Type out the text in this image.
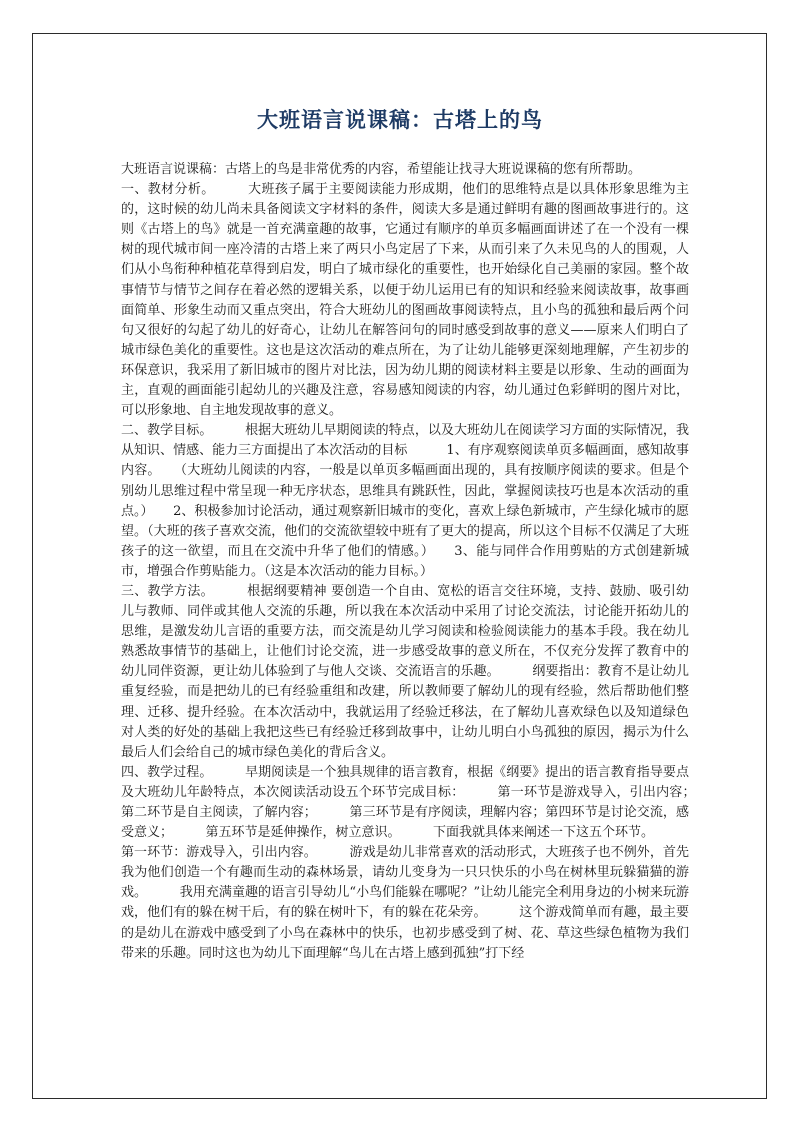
大班语言说课稿：古塔上的鸟

大班语言说课稿：古塔上的鸟是非常优秀的内容，希望能让找寻大班说课稿的您有所帮助。

一、教材分析。　　　大班孩子属于主要阅读能力形成期，他们的思维特点是以具体形象思维为主的，这时候的幼儿尚未具备阅读文字材料的条件，阅读大多是通过鲜明有趣的图画故事进行的。这则《古塔上的鸟》就是一首充满童趣的故事，它通过有顺序的单页多幅画面讲述了在一个没有一棵树的现代城市间一座冷清的古塔上来了两只小鸟定居了下来，从而引来了久未见鸟的人的围观，人们从小鸟衔种种植花草得到启发，明白了城市绿化的重要性，也开始绿化自己美丽的家园。整个故事情节与情节之间存在着必然的逻辑关系，以便于幼儿运用已有的知识和经验来阅读故事，故事画面简单、形象生动而又重点突出，符合大班幼儿的图画故事阅读特点，且小鸟的孤独和最后两个问句又很好的勾起了幼儿的好奇心，让幼儿在解答问句的同时感受到故事的意义——原来人们明白了城市绿色美化的重要性。这也是这次活动的难点所在，为了让幼儿能够更深刻地理解，产生初步的环保意识，我采用了新旧城市的图片对比法，因为幼儿期的阅读材料主要是以形象、生动的画面为主，直观的画面能引起幼儿的兴趣及注意，容易感知阅读的内容，幼儿通过色彩鲜明的图片对比，可以形象地、自主地发现故事的意义。

二、教学目标。　　　根据大班幼儿早期阅读的特点，以及大班幼儿在阅读学习方面的实际情况，我从知识、情感、能力三方面提出了本次活动的目标　　　1、有序观察阅读单页多幅画面，感知故事内容。　　（大班幼儿阅读的内容，一般是以单页多幅画面出现的，具有按顺序阅读的要求。但是个别幼儿思维过程中常呈现一种无序状态，思维具有跳跃性，因此，掌握阅读技巧也是本次活动的重点。）　　2、积极参加讨论活动，通过观察新旧城市的变化，喜欢上绿色新城市，产生绿化城市的愿望。（大班的孩子喜欢交流，他们的交流欲望较中班有了更大的提高，所以这个目标不仅满足了大班孩子的这一欲望，而且在交流中升华了他们的情感。）　　3、能与同伴合作用剪贴的方式创建新城市，增强合作剪贴能力。（这是本次活动的能力目标。）

三、教学方法。　　　根据纲要精神 要创造一个自由、宽松的语言交往环境，支持、鼓励、吸引幼儿与教师、同伴或其他人交流的乐趣，所以我在本次活动中采用了讨论交流法，讨论能开拓幼儿的思维，是激发幼儿言语的重要方法，而交流是幼儿学习阅读和检验阅读能力的基本手段。我在幼儿熟悉故事情节的基础上，让他们讨论交流，进一步感受故事的意义所在，不仅充分发挥了教育中的幼儿同伴资源，更让幼儿体验到了与他人交谈、交流语言的乐趣。　　　纲要指出：教育不是让幼儿重复经验，而是把幼儿的已有经验重组和改建，所以教师要了解幼儿的现有经验，然后帮助他们整理、迁移、提升经验。在本次活动中，我就运用了经验迁移法，在了解幼儿喜欢绿色以及知道绿色对人类的好处的基础上我把这些已有经验迁移到故事中，让幼儿明白小鸟孤独的原因，揭示为什么最后人们会给自己的城市绿色美化的背后含义。

四、教学过程。　　　早期阅读是一个独具规律的语言教育，根据《纲要》提出的语言教育指导要点及大班幼儿年龄特点，本次阅读活动设五个环节完成目标：　　　第一环节是游戏导入，引出内容；　　　第二环节是自主阅读，了解内容；　　　第三环节是有序阅读，理解内容；第四环节是讨论交流，感受意义；　　　第五环节是延伸操作，树立意识。　　　下面我就具体来阐述一下这五个环节。

第一环节：游戏导入，引出内容。　　　游戏是幼儿非常喜欢的活动形式，大班孩子也不例外，首先我为他们创造一个有趣而生动的森林场景，请幼儿变身为一只只快乐的小鸟在树林里玩躲猫猫的游戏。　　　我用充满童趣的语言引导幼儿“小鸟们能躲在哪呢？”让幼儿能完全利用身边的小树来玩游戏，他们有的躲在树干后，有的躲在树叶下，有的躲在花朵旁。　　　这个游戏简单而有趣，最主要的是幼儿在游戏中感受到了小鸟在森林中的快乐，也初步感受到了树、花、草这些绿色植物为我们带来的乐趣。同时这也为幼儿下面理解“鸟儿在古塔上感到孤独”打下经
